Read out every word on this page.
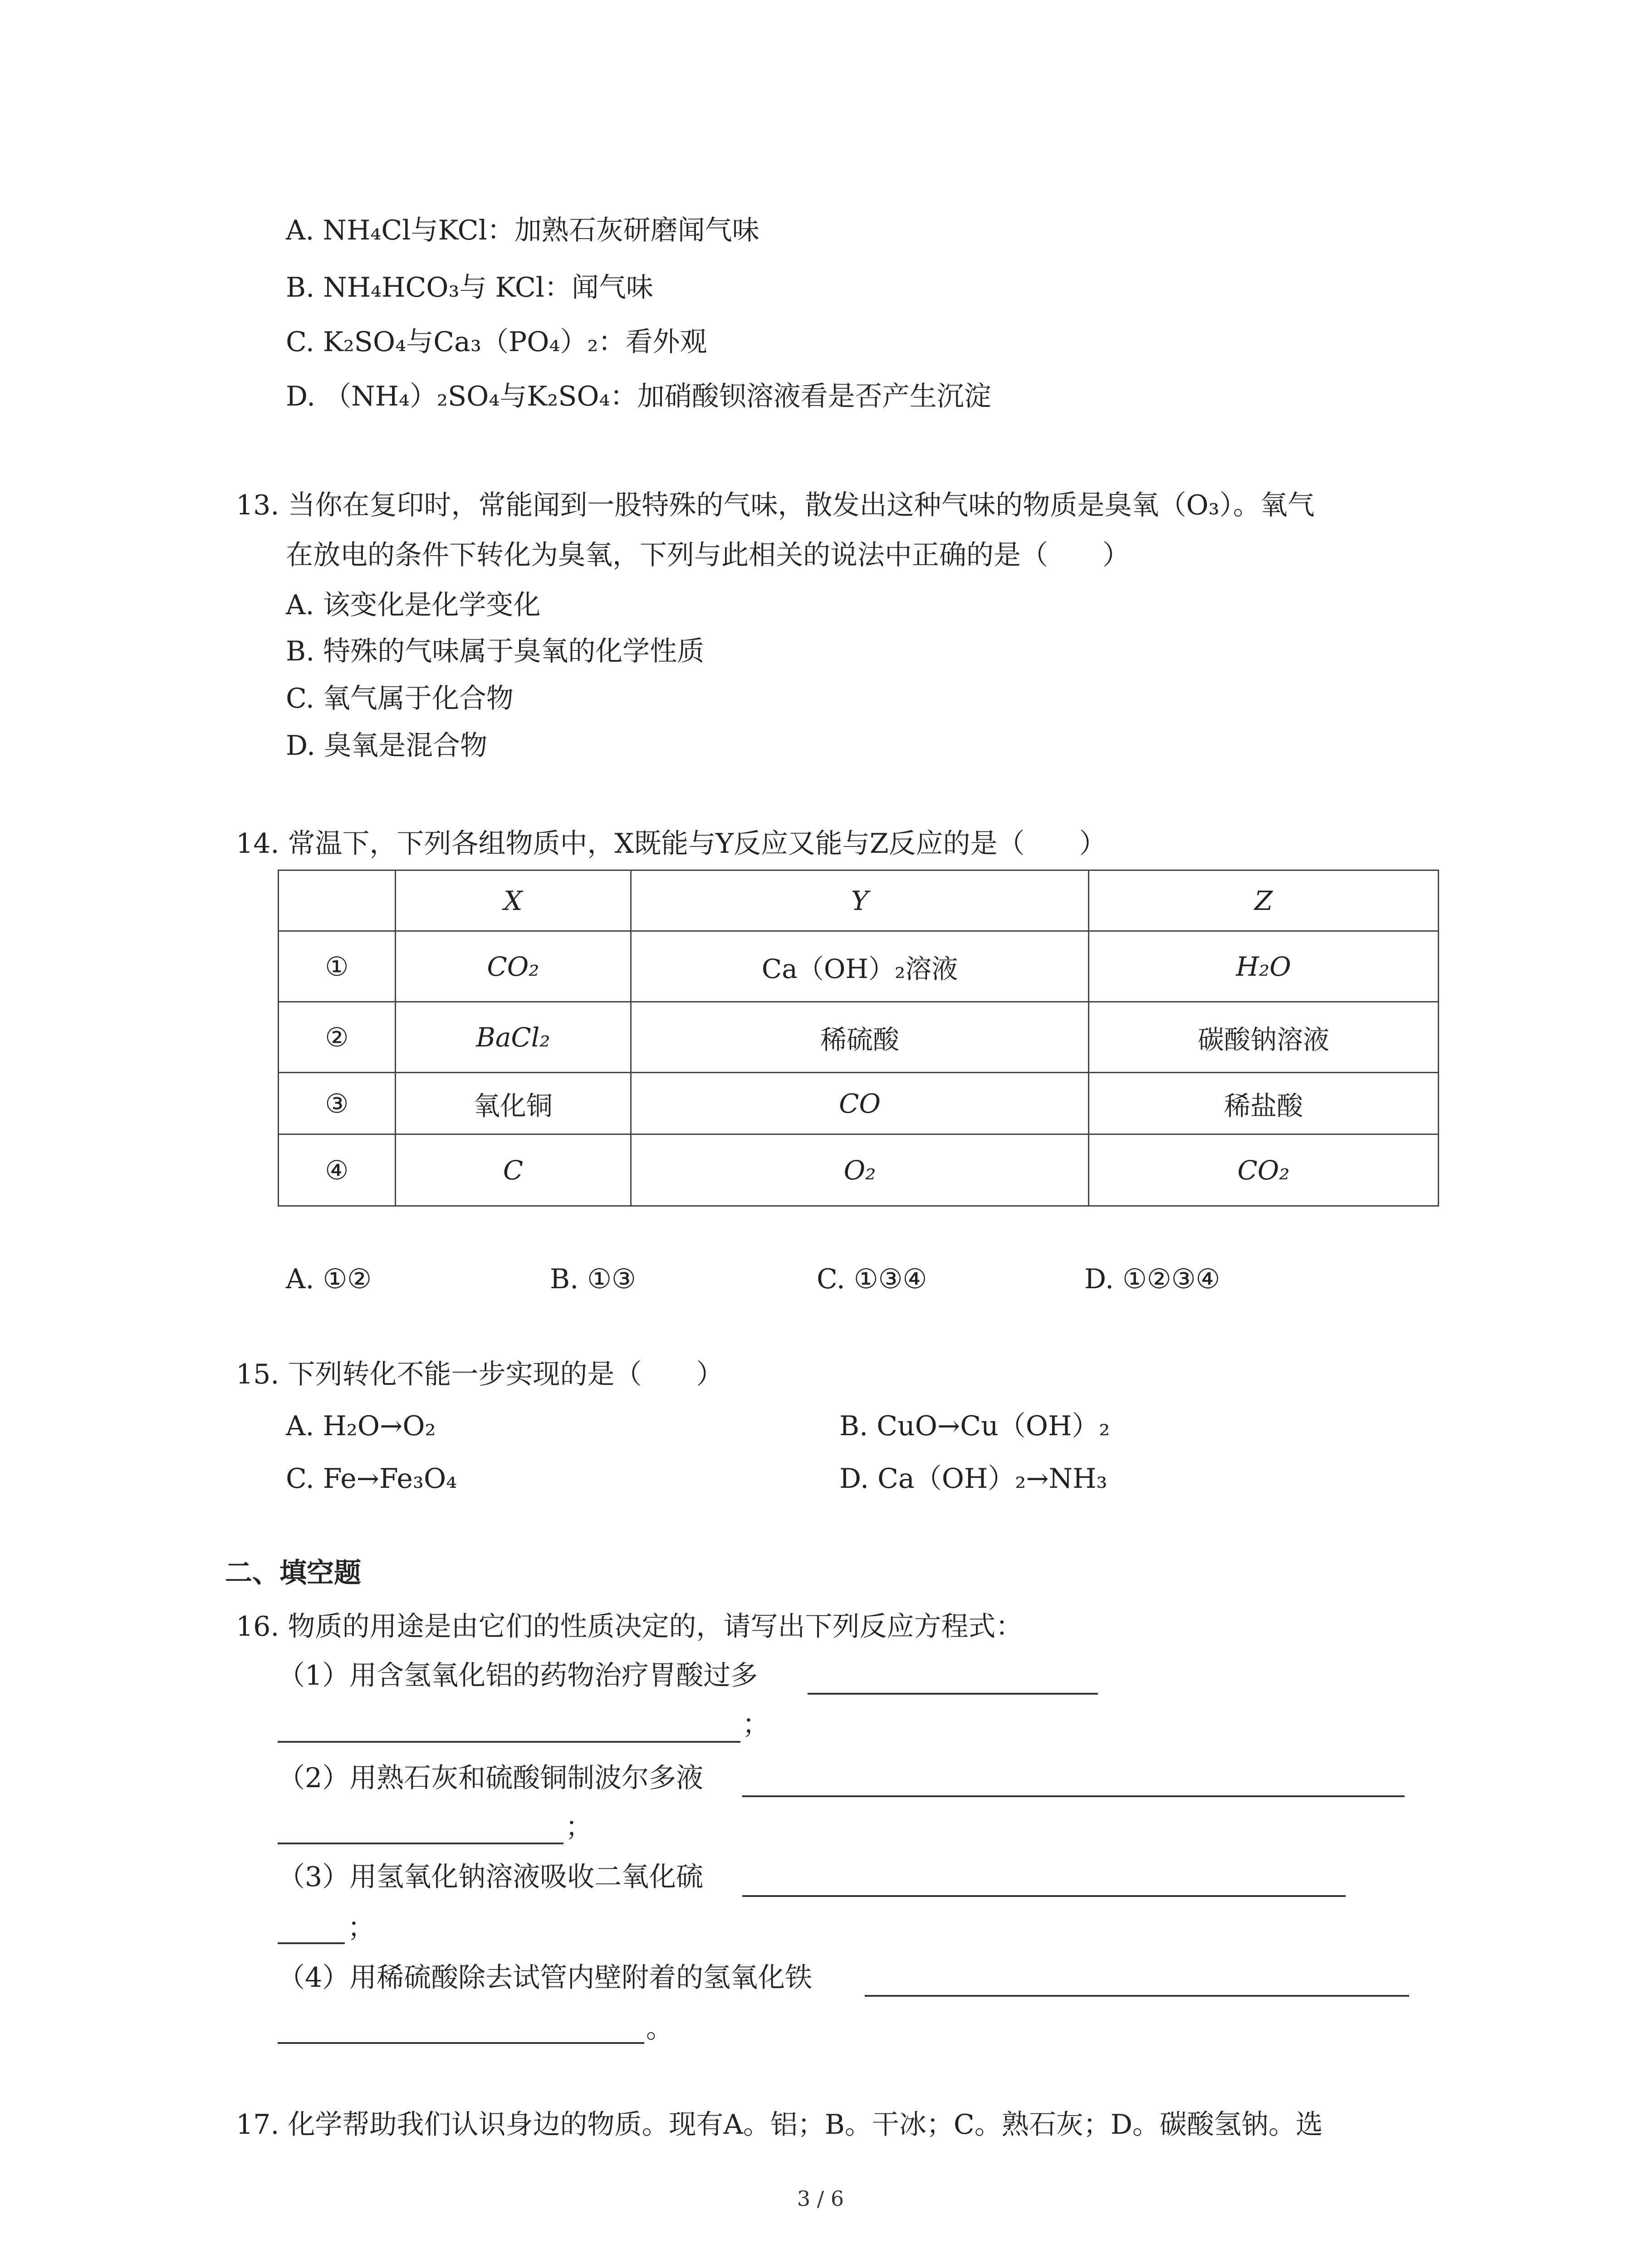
A. NH₄Cl与KCl：加熟石灰研磨闻气味
B. NH₄HCO₃与 KCl：闻气味
C. K₂SO₄与Ca₃（PO₄）₂：看外观
D. （NH₄）₂SO₄与K₂SO₄：加硝酸钡溶液看是否产生沉淀
13. 当你在复印时，常能闻到一股特殊的气味，散发出这种气味的物质是臭氧（O₃）。氧气
在放电的条件下转化为臭氧，下列与此相关的说法中正确的是（　　）
A. 该变化是化学变化
B. 特殊的气味属于臭氧的化学性质
C. 氧气属于化合物
D. 臭氧是混合物
14. 常温下，下列各组物质中，X既能与Y反应又能与Z反应的是（　　）
	X	Y	Z
①	CO₂	Ca（OH）₂溶液	H₂O
②	BaCl₂	稀硫酸	碳酸钠溶液
③	氧化铜	CO	稀盐酸
④	C	O₂	CO₂
A. ①②	B. ①③	C. ①③④	D. ①②③④
15. 下列转化不能一步实现的是（　　）
A. H₂O→O₂	B. CuO→Cu（OH）₂
C. Fe→Fe₃O₄	D. Ca（OH）₂→NH₃
二、填空题
16. 物质的用途是由它们的性质决定的，请写出下列反应方程式：
（1）用含氢氧化铝的药物治疗胃酸过多
；
（2）用熟石灰和硫酸铜制波尔多液
；
（3）用氢氧化钠溶液吸收二氧化硫
；
（4）用稀硫酸除去试管内壁附着的氢氧化铁
。
17. 化学帮助我们认识身边的物质。现有A。铝；B。干冰；C。熟石灰；D。碳酸氢钠。选
3 / 6
